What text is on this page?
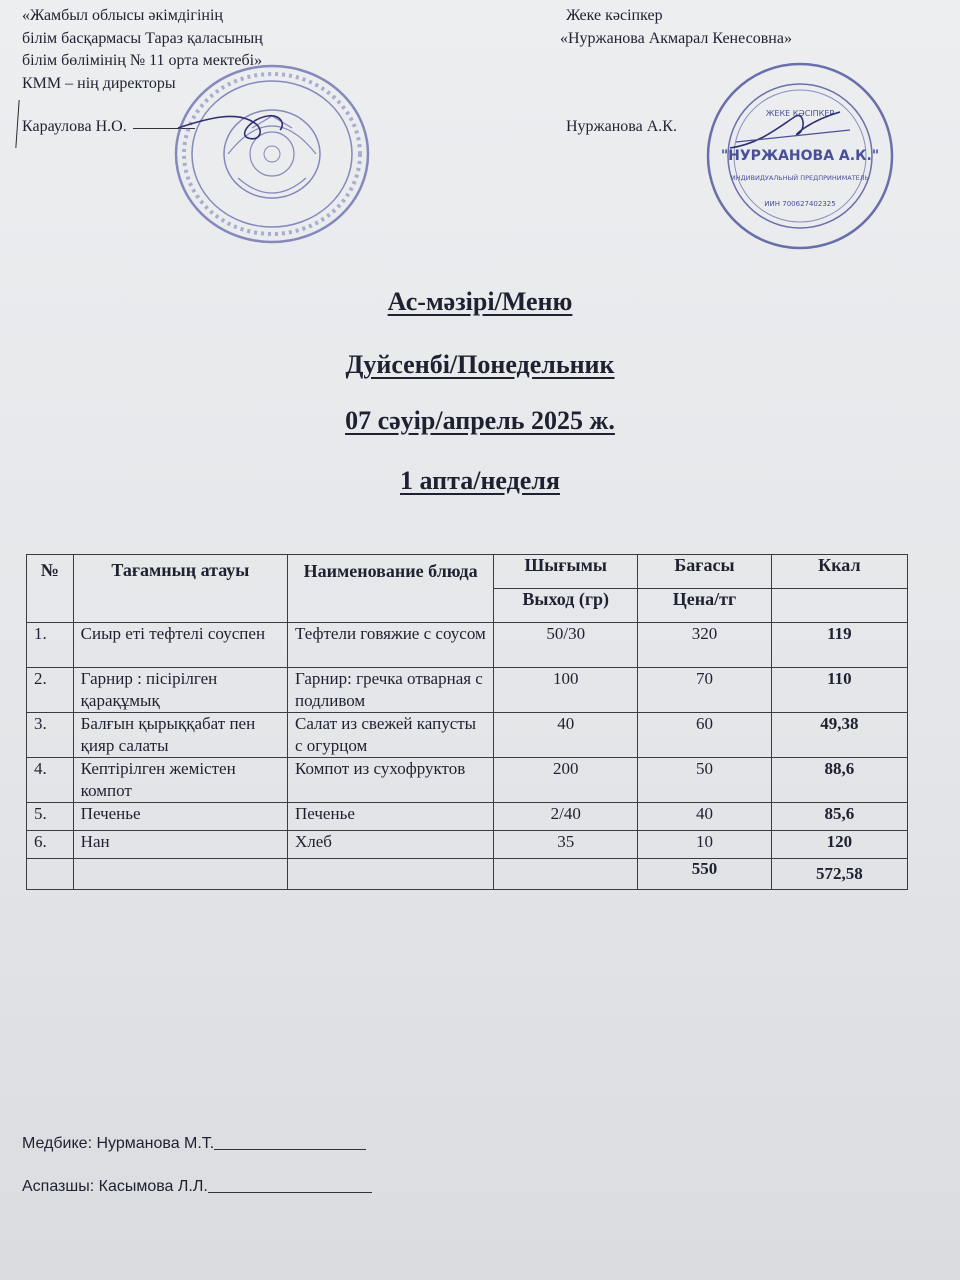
«Жамбыл облысы әкімдігінің
білім басқармасы Тараз қаласының
білім бөлімінің № 11 орта мектебі»
КММ – нің директоры
Жеке кәсіпкер
«Нуржанова Акмарал Кенесовна»
Караулова Н.О.	Нуржанова А.К.
ЖЕКЕ КӘСІПКЕР
"НУРЖАНОВА А.К."
ИНДИВИДУАЛЬНЫЙ ПРЕДПРИНИМАТЕЛЬ
ИИН 700627402325
Ас-мәзірі/Меню
Дуйсенбі/Понедельник
07 сәуір/апрель 2025 ж.
1 апта/неделя
№	Тағамның атауы	Наименование блюда	Шығымы	Бағасы	Ккал
			Выход (гр)	Цена/тг	
1.	Сиыр еті тефтелі соуспен	Тефтели говяжие с соусом	50/30	320	119
2.	Гарнир : пісірілген қарақұмық	Гарнир: гречка отварная с подливом	100	70	110
3.	Балғын қырыққабат пен қияр салаты	Салат из свежей капусты с огурцом	40	60	49,38
4.	Кептірілген жемістен компот	Компот из сухофруктов	200	50	88,6
5.	Печенье	Печенье	2/40	40	85,6
6.	Нан	Хлеб	35	10	120
				550	572,58
Медбике: Нурманова М.Т.
Аспазшы: Касымова Л.Л.
